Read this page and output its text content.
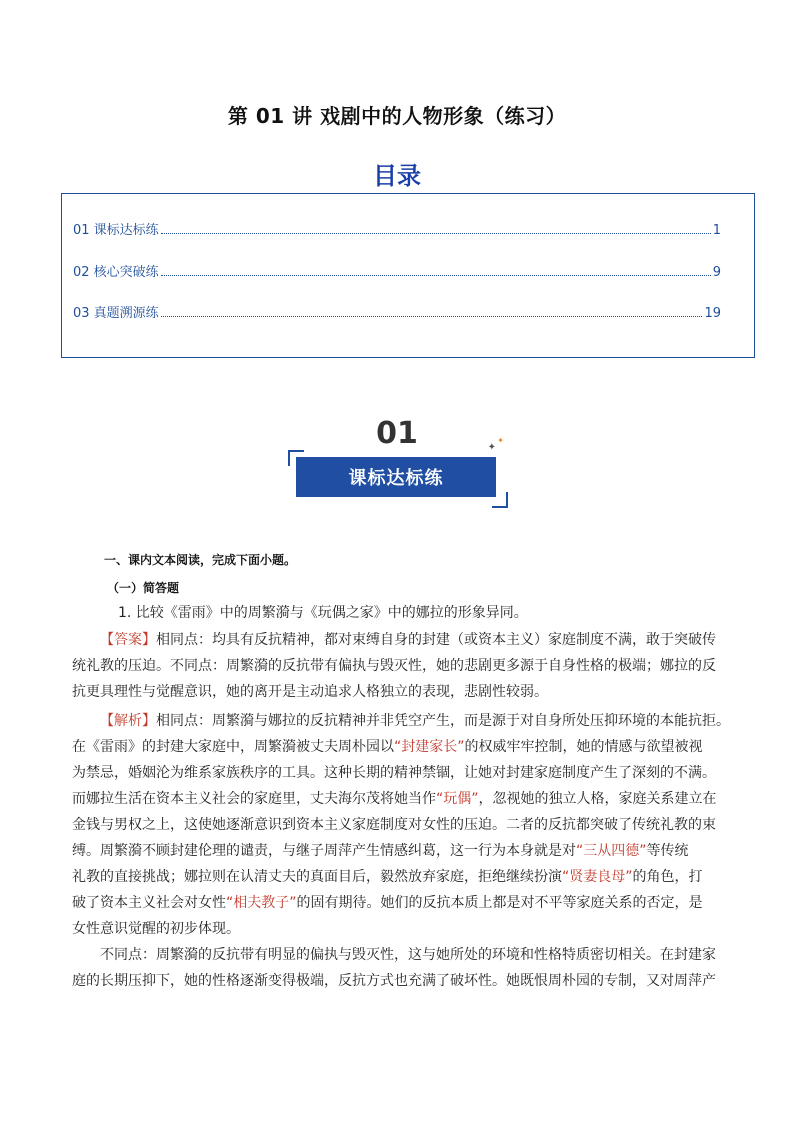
第 01 讲 戏剧中的人物形象（练习）
目录
01 课标达标练	1
02 核心突破练	9
03 真题溯源练	19
01	✦
✦
课标达标练
一、课内文本阅读，完成下面小题。
（一）简答题
1. 比较《雷雨》中的周繁漪与《玩偶之家》中的娜拉的形象异同。
【答案】相同点：均具有反抗精神，都对束缚自身的封建（或资本主义）家庭制度不满，敢于突破传
统礼教的压迫。不同点：周繁漪的反抗带有偏执与毁灭性，她的悲剧更多源于自身性格的极端；娜拉的反
抗更具理性与觉醒意识，她的离开是主动追求人格独立的表现，悲剧性较弱。
【解析】相同点：周繁漪与娜拉的反抗精神并非凭空产生，而是源于对自身所处压抑环境的本能抗拒。
在《雷雨》的封建大家庭中，周繁漪被丈夫周朴园以“封建家长”的权威牢牢控制，她的情感与欲望被视
为禁忌，婚姻沦为维系家族秩序的工具。这种长期的精神禁锢，让她对封建家庭制度产生了深刻的不满。
而娜拉生活在资本主义社会的家庭里，丈夫海尔茂将她当作“玩偶”，忽视她的独立人格，家庭关系建立在
金钱与男权之上，这使她逐渐意识到资本主义家庭制度对女性的压迫。二者的反抗都突破了传统礼教的束
缚。周繁漪不顾封建伦理的谴责，与继子周萍产生情感纠葛，这一行为本身就是对“三从四德”等传统
礼教的直接挑战；娜拉则在认清丈夫的真面目后，毅然放弃家庭，拒绝继续扮演“贤妻良母”的角色，打
破了资本主义社会对女性“相夫教子”的固有期待。她们的反抗本质上都是对不平等家庭关系的否定，是
女性意识觉醒的初步体现。
不同点：周繁漪的反抗带有明显的偏执与毁灭性，这与她所处的环境和性格特质密切相关。在封建家
庭的长期压抑下，她的性格逐渐变得极端，反抗方式也充满了破坏性。她既恨周朴园的专制，又对周萍产
